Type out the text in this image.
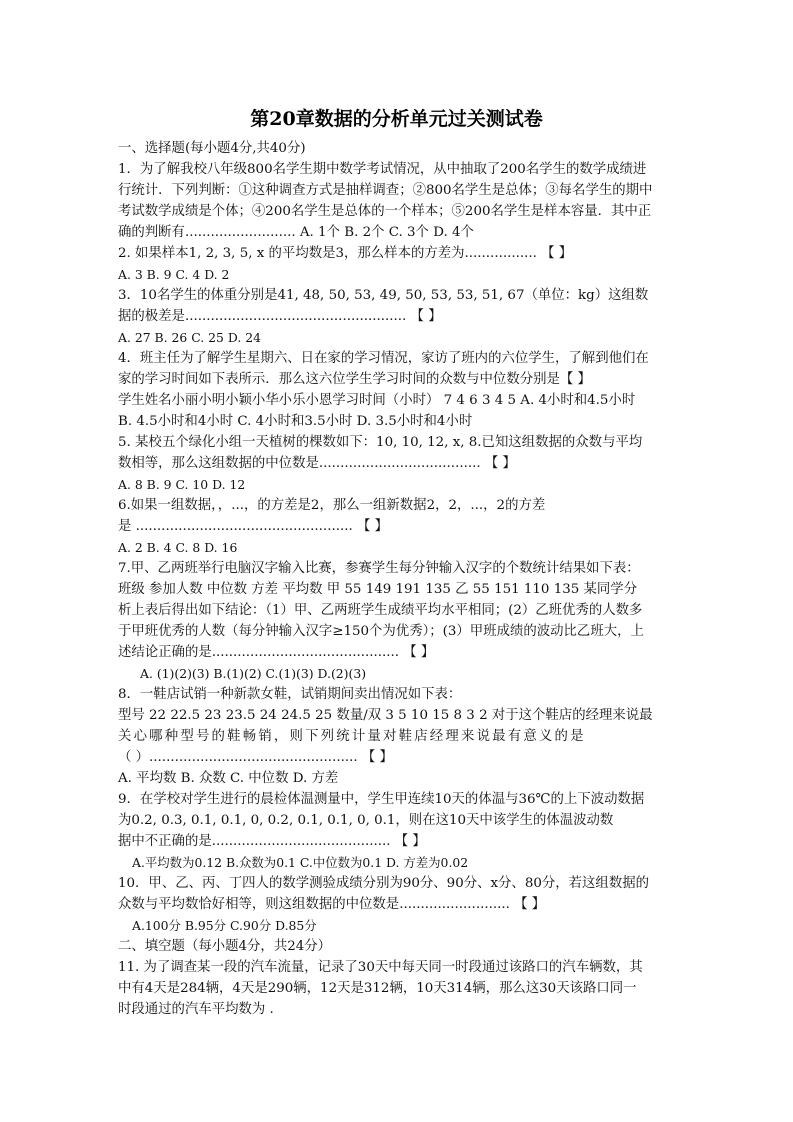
第20章数据的分析单元过关测试卷
一、选择题(每小题4分,共40分)
1．为了解我校八年级800名学生期中数学考试情况，从中抽取了200名学生的数学成绩进
行统计．下列判断：①这种调查方式是抽样调查；②800名学生是总体；③每名学生的期中
考试数学成绩是个体；④200名学生是总体的一个样本；⑤200名学生是样本容量．其中正
确的判断有.......................... A. 1个 B. 2个 C. 3个 D. 4个
2. 如果样本1, 2, 3, 5, x 的平均数是3，那么样本的方差为................. 【 】
A. 3 B. 9 C. 4 D. 2
3．10名学生的体重分别是41, 48, 50, 53, 49, 50, 53, 53, 51, 67（单位：kg）这组数
据的极差是.................................................... 【 】
A. 27 B. 26 C. 25 D. 24
4．班主任为了解学生星期六、日在家的学习情况，家访了班内的六位学生，了解到他们在
家的学习时间如下表所示．那么这六位学生学习时间的众数与中位数分别是【 】
学生姓名小丽小明小颖小华小乐小恩学习时间（小时） 7 4 6 3 4 5 A. 4小时和4.5小时
B. 4.5小时和4小时 C. 4小时和3.5小时 D. 3.5小时和4小时
5. 某校五个绿化小组一天植树的棵数如下：10, 10, 12, x, 8.已知这组数据的众数与平均
数相等，那么这组数据的中位数是...................................... 【 】
A. 8 B. 9 C. 10 D. 12
6.如果一组数据，，...，的方差是2，那么一组新数据2，2，...，2的方差
是 ................................................... 【 】
A. 2 B. 4 C. 8 D. 16
7.甲、乙两班举行电脑汉字输入比赛，参赛学生每分钟输入汉字的个数统计结果如下表：
班级 参加人数 中位数 方差 平均数 甲 55 149 191 135 乙 55 151 110 135 某同学分
析上表后得出如下结论：（1）甲、乙两班学生成绩平均水平相同；(2）乙班优秀的人数多
于甲班优秀的人数（每分钟输入汉字≥150个为优秀）；(3）甲班成绩的波动比乙班大，上
述结论正确的是............................................ 【 】
A. (1)(2)(3) B.(1)(2) C.(1)(3) D.(2)(3)
8．一鞋店试销一种新款女鞋，试销期间卖出情况如下表：
型号 22 22.5 23 23.5 24 24.5 25 数量/双 3 5 10 15 8 3 2 对于这个鞋店的经理来说最
关心哪种型号的鞋畅销，则下列统计量对鞋店经理来说最有意义的是
（ ）................................................. 【 】
A. 平均数 B. 众数 C. 中位数 D. 方差
9．在学校对学生进行的晨检体温测量中，学生甲连续10天的体温与36℃的上下波动数据
为0.2, 0.3, 0.1, 0.1, 0, 0.2, 0.1, 0.1, 0, 0.1，则在这10天中该学生的体温波动数
据中不正确的是.......................................... 【 】
A.平均数为0.12 B.众数为0.1 C.中位数为0.1 D. 方差为0.02
10．甲、乙、丙、丁四人的数学测验成绩分别为90分、90分、x分、80分，若这组数据的
众数与平均数恰好相等，则这组数据的中位数是.......................... 【 】
A.100分 B.95分 C.90分 D.85分
二、填空题（每小题4分，共24分）
11. 为了调查某一段的汽车流量，记录了30天中每天同一时段通过该路口的汽车辆数，其
中有4天是284辆，4天是290辆，12天是312辆，10天314辆，那么这30天该路口同一
时段通过的汽车平均数为 .
